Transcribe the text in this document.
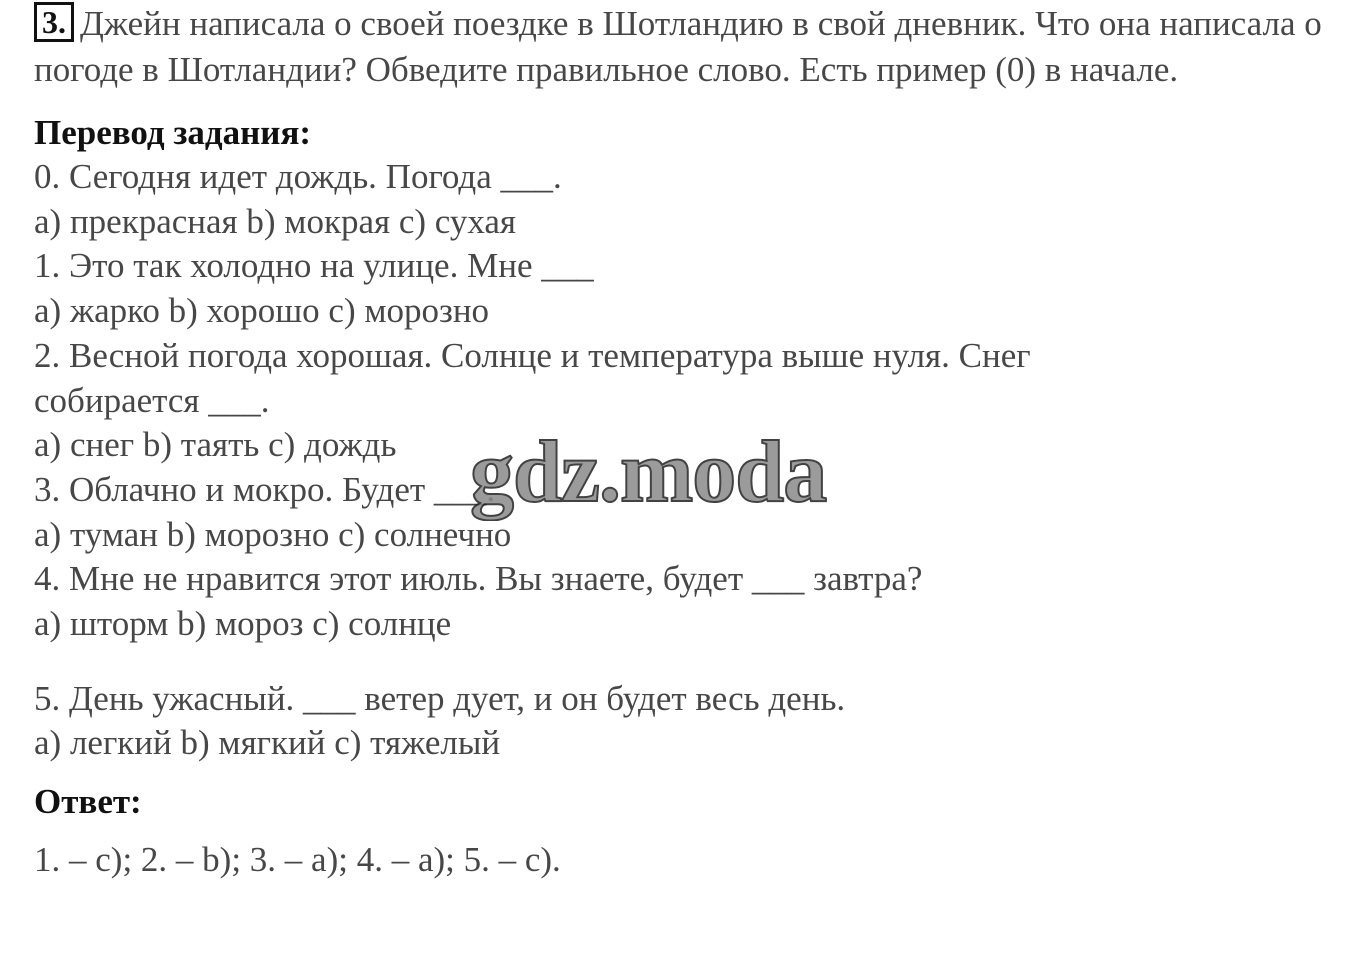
3. Джейн написала о своей поездке в Шотландию в свой дневник. Что она написала о погоде в Шотландии? Обведите правильное слово. Есть пример (0) в начале.
Перевод задания:
0. Сегодня идет дождь. Погода ___.
a) прекрасная b) мокрая c) сухая
1. Это так холодно на улице. Мне ___
a) жарко b) хорошо c) морозно
2. Весной погода хорошая. Солнце и температура выше нуля. Снег
собирается ___.
a) снег b) таять c) дождь
3. Облачно и мокро. Будет ___.
a) туман b) морозно c) солнечно
4. Мне не нравится этот июль. Вы знаете, будет ___ завтра?
a) шторм b) мороз c) солнце
5. День ужасный. ___ ветер дует, и он будет весь день.
a) легкий b) мягкий c) тяжелый
Ответ:
1. – c); 2. – b); 3. – a); 4. – a); 5. – c).
gdz.moda
